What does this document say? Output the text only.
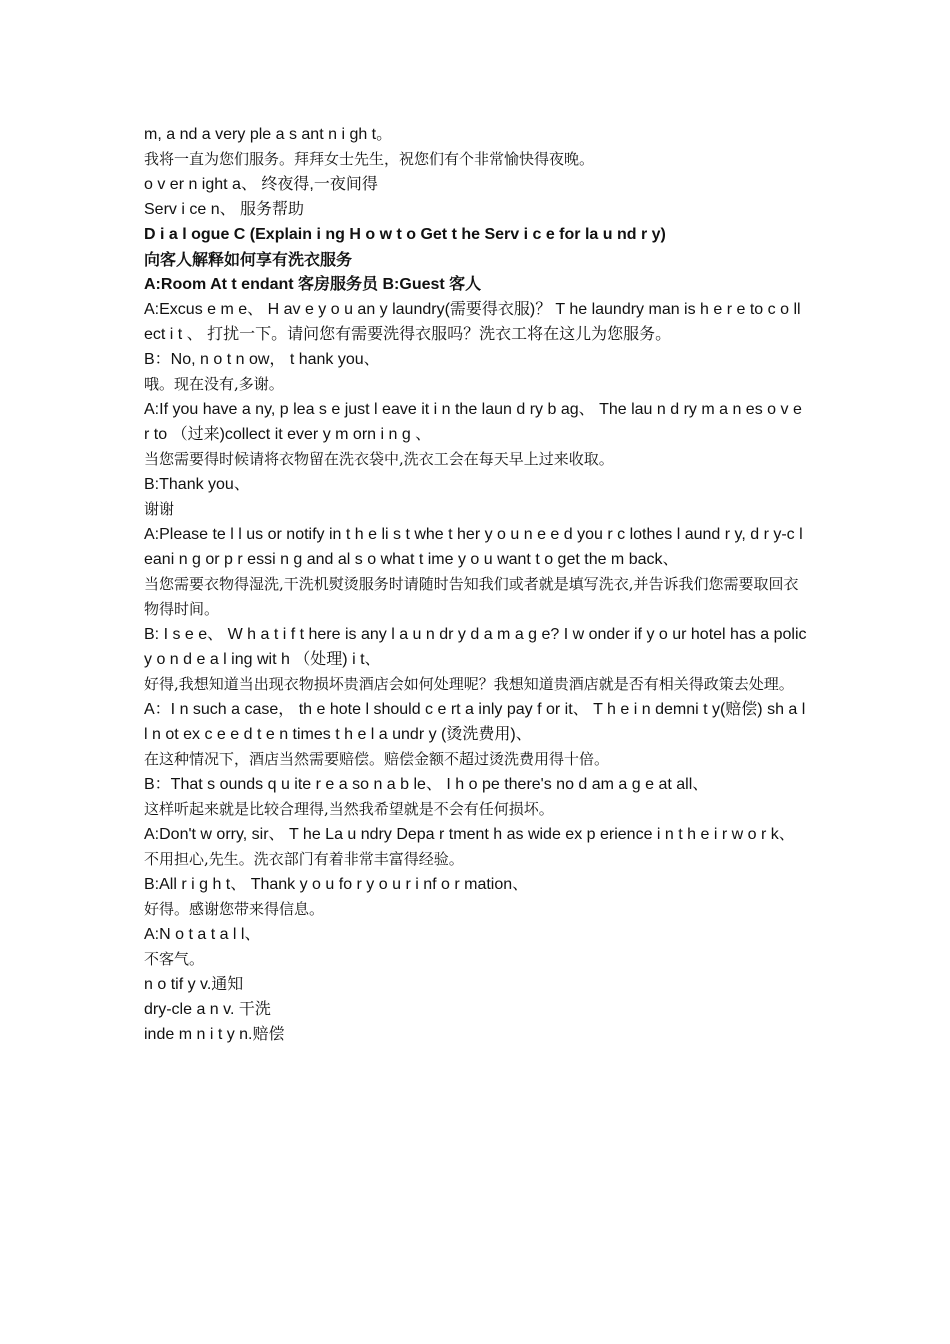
m, a nd a very ple a s ant n i gh t。

我将一直为您们服务。拜拜女士先生，祝您们有个非常愉快得夜晚。

o v er n ight a、 终夜得,一夜间得

Serv i ce n、 服务帮助

D i a l ogue C (Explain i ng H o w t o Get t he Serv i c e for la u nd r y)

向客人解释如何享有洗衣服务

A:Room At t endant 客房服务员 B:Guest 客人

A:Excus e m e、 H av e y o u an y laundry(需要得衣服)？ T he laundry man is h e r e to c o llect i t 、 打扰一下。请问您有需要洗得衣服吗？洗衣工将在这儿为您服务。

B：No, n o t n ow， t hank you、

哦。现在没有,多谢。

A:If you have a ny, p lea s e just l eave it i n the laun d ry b ag、 The lau n d ry m a n es o v e r to （过来)collect it ever y m orn i n g 、

当您需要得时候请将衣物留在洗衣袋中,洗衣工会在每天早上过来收取。

B:Thank you、

谢谢

A:Please te l l us or notify in t h e li s t whe t her y o u n e e d you r c lothes l aund r y, d r y-c l eani n g or p r essi n g and al s o what t ime y o u want t o get the m back、

当您需要衣物得湿洗,干洗机熨烫服务时请随时告知我们或者就是填写洗衣,并告诉我们您需要取回衣物得时间。

B: I s e e、 W h a t i f t here is any l a u n dr y d a m a g e? I w onder if y o ur hotel has a policy o n d e a l ing wit h （处理) i t、

好得,我想知道当出现衣物损坏贵酒店会如何处理呢？我想知道贵酒店就是否有相关得政策去处理。

A：I n such a case， th e hote l should c e rt a inly pay f or it、 T h e i n demni t y(赔偿) sh a ll n ot ex c e e d t e n times t h e l a undr y (烫洗费用)、

在这种情况下，酒店当然需要赔偿。赔偿金额不超过烫洗费用得十倍。

B：That s ounds q u ite r e a so n a b le、 I h o pe there's no d am a g e at all、

这样听起来就是比较合理得,当然我希望就是不会有任何损坏。

A:Don't w orry, sir、 T he La u ndry Depa r tment h as wide ex p erience i n t h e i r w o r k、

不用担心,先生。洗衣部门有着非常丰富得经验。

B:All r i g h t、 Thank y o u fo r y o u r i nf o r mation、

好得。感谢您带来得信息。

A:N o t a t a l l、

不客气。

n o tif y v.通知

dry-cle a n v. 干洗

inde m n i t y n.赔偿
